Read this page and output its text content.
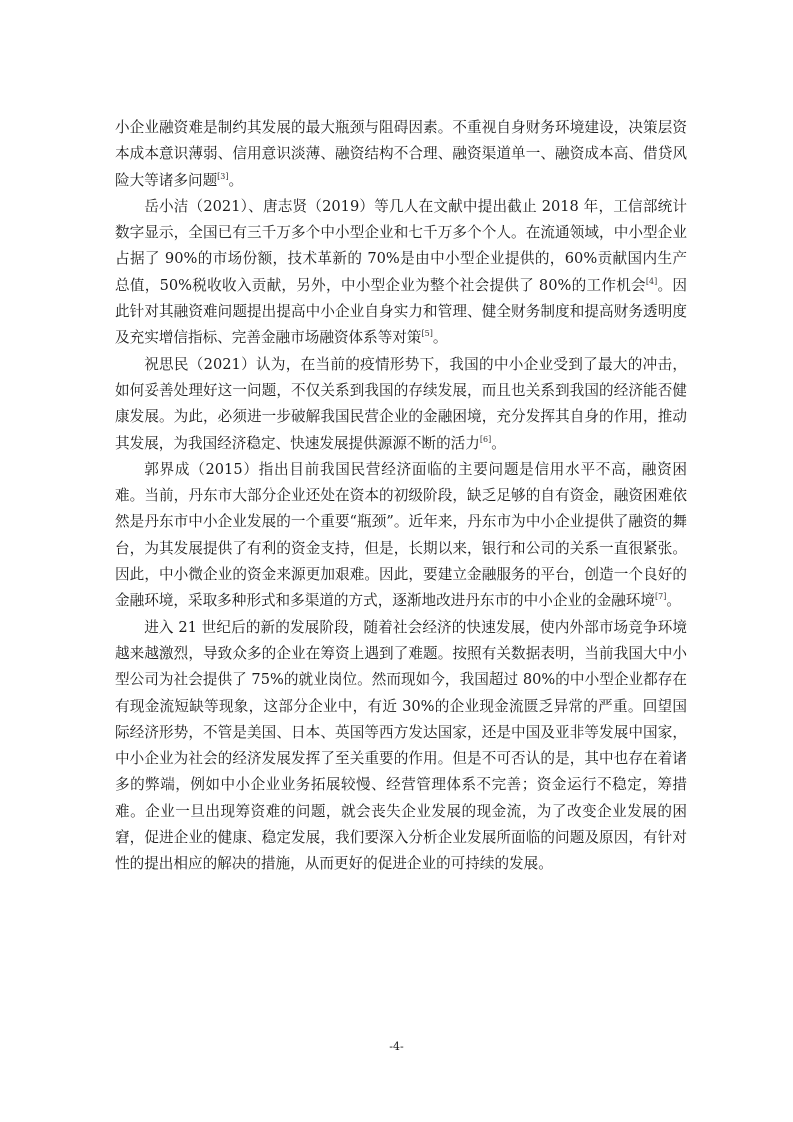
小企业融资难是制约其发展的最大瓶颈与阻碍因素。不重视自身财务环境建设，决策层资本成本意识薄弱、信用意识淡薄、融资结构不合理、融资渠道单一、融资成本高、借贷风险大等诸多问题[3]。

岳小洁（2021）、唐志贤（2019）等几人在文献中提出截止 2018 年，工信部统计数字显示，全国已有三千万多个中小型企业和七千万多个个人。在流通领域，中小型企业占据了 90%的市场份额，技术革新的 70%是由中小型企业提供的，60%贡献国内生产总值，50%税收收入贡献，另外，中小型企业为整个社会提供了 80%的工作机会[4]。因此针对其融资难问题提出提高中小企业自身实力和管理、健全财务制度和提高财务透明度及充实增信指标、完善金融市场融资体系等对策[5]。

祝思民（2021）认为，在当前的疫情形势下，我国的中小企业受到了最大的冲击，如何妥善处理好这一问题，不仅关系到我国的存续发展，而且也关系到我国的经济能否健康发展。为此，必须进一步破解我国民营企业的金融困境，充分发挥其自身的作用，推动其发展，为我国经济稳定、快速发展提供源源不断的活力[6]。

郭界成（2015）指出目前我国民营经济面临的主要问题是信用水平不高，融资困难。当前，丹东市大部分企业还处在资本的初级阶段，缺乏足够的自有资金，融资困难依然是丹东市中小企业发展的一个重要“瓶颈”。近年来，丹东市为中小企业提供了融资的舞台，为其发展提供了有利的资金支持，但是，长期以来，银行和公司的关系一直很紧张。因此，中小微企业的资金来源更加艰难。因此，要建立金融服务的平台，创造一个良好的金融环境，采取多种形式和多渠道的方式，逐渐地改进丹东市的中小企业的金融环境[7]。

进入 21 世纪后的新的发展阶段，随着社会经济的快速发展，使内外部市场竞争环境越来越激烈，导致众多的企业在筹资上遇到了难题。按照有关数据表明，当前我国大中小型公司为社会提供了 75%的就业岗位。然而现如今，我国超过 80%的中小型企业都存在有现金流短缺等现象，这部分企业中，有近 30%的企业现金流匮乏异常的严重。回望国际经济形势，不管是美国、日本、英国等西方发达国家，还是中国及亚非等发展中国家，中小企业为社会的经济发展发挥了至关重要的作用。但是不可否认的是，其中也存在着诸多的弊端，例如中小企业业务拓展较慢、经营管理体系不完善；资金运行不稳定，筹措难。企业一旦出现筹资难的问题，就会丧失企业发展的现金流，为了改变企业发展的困窘，促进企业的健康、稳定发展，我们要深入分析企业发展所面临的问题及原因，有针对性的提出相应的解决的措施，从而更好的促进企业的可持续的发展。

-4-
